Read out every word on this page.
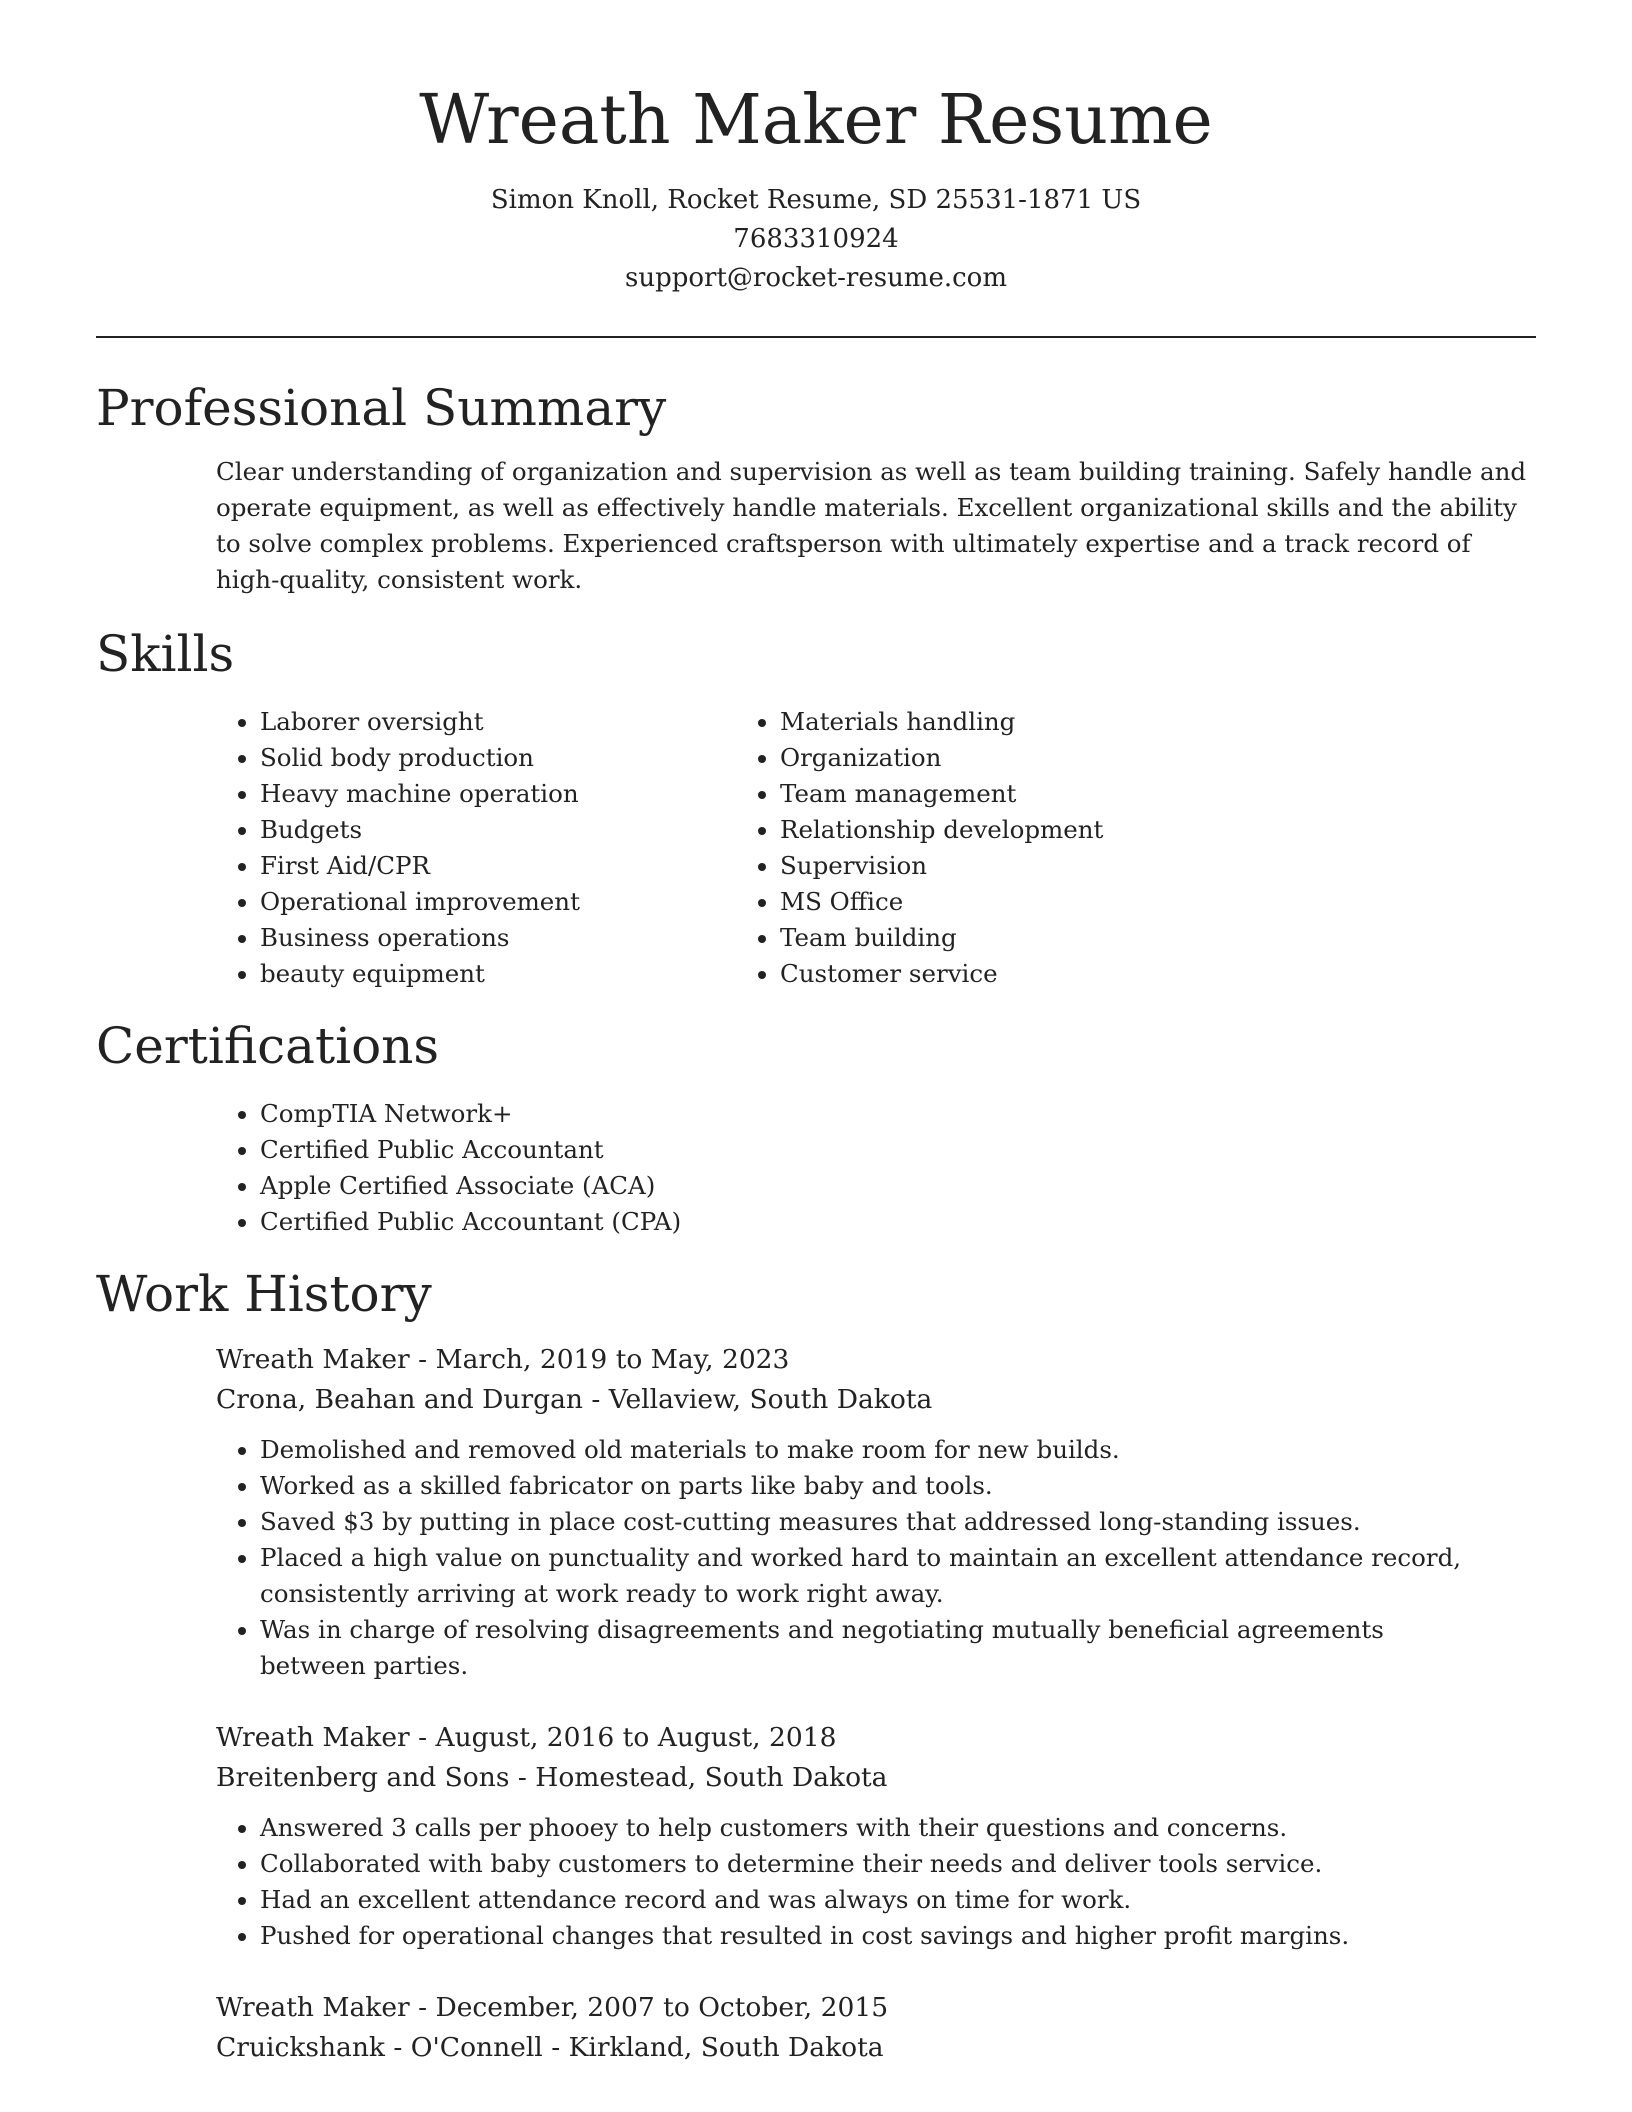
Wreath Maker Resume
Simon Knoll, Rocket Resume, SD 25531-1871 US
7683310924
support@rocket-resume.com
Professional Summary

Clear understanding of organization and supervision as well as team building training. Safely handle and operate equipment, as well as effectively handle materials. Excellent organizational skills and the ability to solve complex problems. Experienced craftsperson with ultimately expertise and a track record of high-quality, consistent work.

Skills
• Laborer oversight
• Solid body production
• Heavy machine operation
• Budgets
• First Aid/CPR
• Operational improvement
• Business operations
• beauty equipment
• Materials handling
• Organization
• Team management
• Relationship development
• Supervision
• MS Office
• Team building
• Customer service
Certifications
• CompTIA Network+
• Certified Public Accountant
• Apple Certified Associate (ACA)
• Certified Public Accountant (CPA)
Work History
Wreath Maker - March, 2019 to May, 2023
Crona, Beahan and Durgan - Vellaview, South Dakota
• Demolished and removed old materials to make room for new builds.
• Worked as a skilled fabricator on parts like baby and tools.
• Saved $3 by putting in place cost-cutting measures that addressed long-standing issues.
• Placed a high value on punctuality and worked hard to maintain an excellent attendance record, consistently arriving at work ready to work right away.
• Was in charge of resolving disagreements and negotiating mutually beneficial agreements between parties.
Wreath Maker - August, 2016 to August, 2018
Breitenberg and Sons - Homestead, South Dakota
• Answered 3 calls per phooey to help customers with their questions and concerns.
• Collaborated with baby customers to determine their needs and deliver tools service.
• Had an excellent attendance record and was always on time for work.
• Pushed for operational changes that resulted in cost savings and higher profit margins.
Wreath Maker - December, 2007 to October, 2015
Cruickshank - O'Connell - Kirkland, South Dakota
